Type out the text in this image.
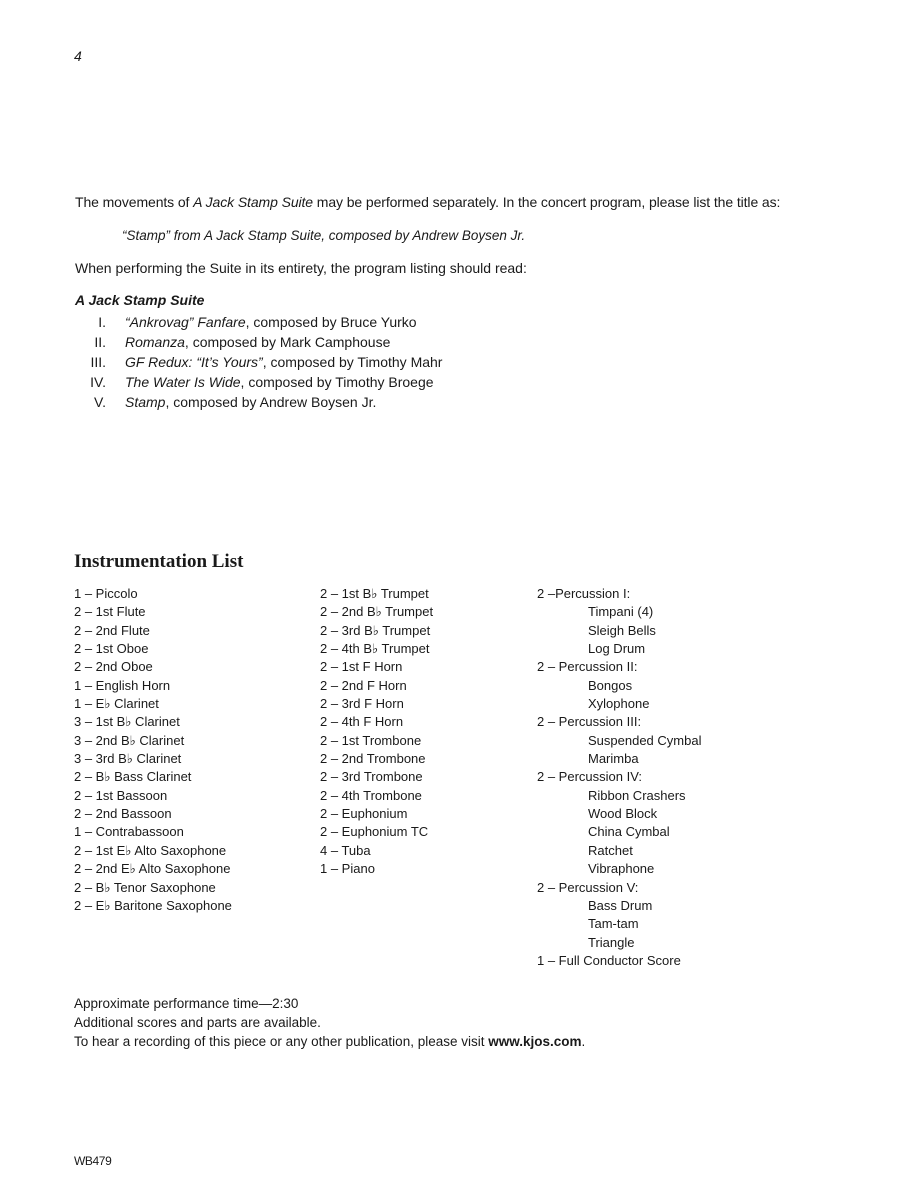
4
The movements of A Jack Stamp Suite may be performed separately. In the concert program, please list the title as:
“Stamp” from A Jack Stamp Suite, composed by Andrew Boysen Jr.
When performing the Suite in its entirety, the program listing should read:
A Jack Stamp Suite
I.	“Ankrovag” Fanfare , composed by Bruce Yurko
II.	Romanza , composed by Mark Camphouse
III.	GF Redux: “It’s Yours” , composed by Timothy Mahr
IV.	The Water Is Wide , composed by Timothy Broege
V.	Stamp , composed by Andrew Boysen Jr.
Instrumentation List
1 – Piccolo
2 – 1st Flute
2 – 2nd Flute
2 – 1st Oboe
2 – 2nd Oboe
1 – English Horn
1 – E♭ Clarinet
3 – 1st B♭ Clarinet
3 – 2nd B♭ Clarinet
3 – 3rd B♭ Clarinet
2 – B♭ Bass Clarinet
2 – 1st Bassoon
2 – 2nd Bassoon
1 – Contrabassoon
2 – 1st E♭ Alto Saxophone
2 – 2nd E♭ Alto Saxophone
2 – B♭ Tenor Saxophone
2 – E♭ Baritone Saxophone
2 – 1st B♭ Trumpet
2 – 2nd B♭ Trumpet
2 – 3rd B♭ Trumpet
2 – 4th B♭ Trumpet
2 – 1st F Horn
2 – 2nd F Horn
2 – 3rd F Horn
2 – 4th F Horn
2 – 1st Trombone
2 – 2nd Trombone
2 – 3rd Trombone
2 – 4th Trombone
2 – Euphonium
2 – Euphonium TC
4 – Tuba
1 – Piano
2 –Percussion I:
Timpani (4)
Sleigh Bells
Log Drum
2 – Percussion II:
Bongos
Xylophone
2 – Percussion III:
Suspended Cymbal
Marimba
2 – Percussion IV:
Ribbon Crashers
Wood Block
China Cymbal
Ratchet
Vibraphone
2 – Percussion V:
Bass Drum
Tam-tam
Triangle
1 – Full Conductor Score
Approximate performance time—2:30
Additional scores and parts are available.
To hear a recording of this piece or any other publication, please visit www.kjos.com.
WB479
